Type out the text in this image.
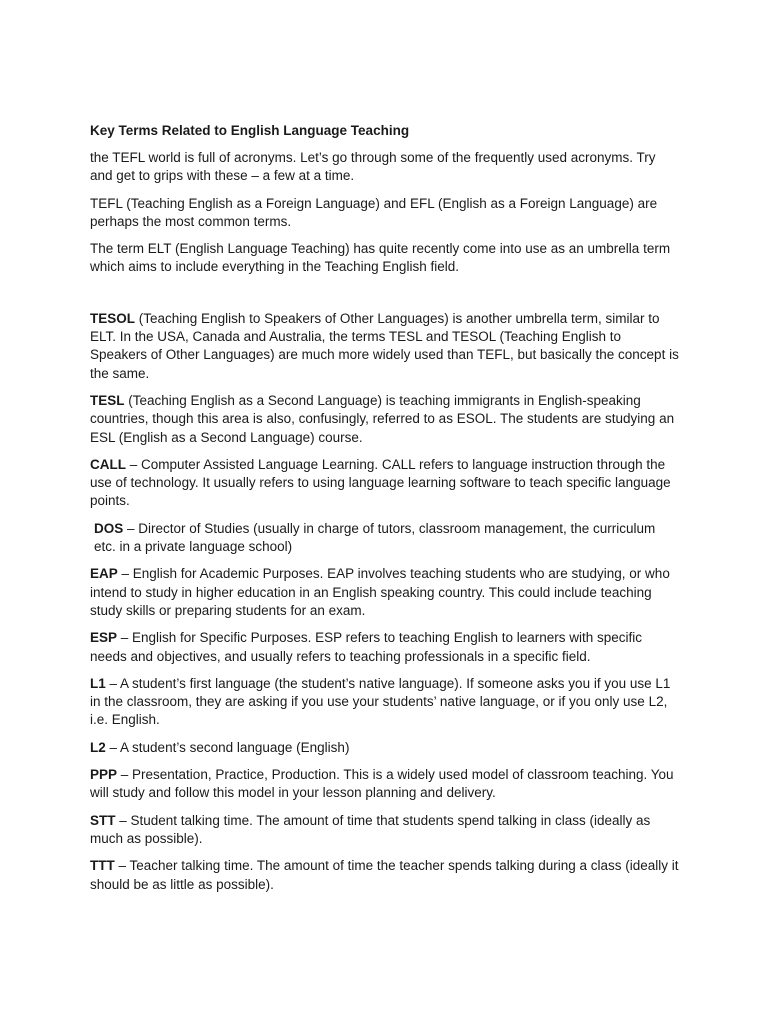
Key Terms Related to English Language Teaching

the TEFL world is full of acronyms. Let’s go through some of the frequently used acronyms. Try and get to grips with these – a few at a time.

TEFL (Teaching English as a Foreign Language) and EFL (English as a Foreign Language) are perhaps the most common terms.

The term ELT (English Language Teaching) has quite recently come into use as an umbrella term which aims to include everything in the Teaching English field.

TESOL (Teaching English to Speakers of Other Languages) is another umbrella term, similar to ELT. In the USA, Canada and Australia, the terms TESL and TESOL (Teaching English to Speakers of Other Languages) are much more widely used than TEFL, but basically the concept is the same.

TESL (Teaching English as a Second Language) is teaching immigrants in English-speaking countries, though this area is also, confusingly, referred to as ESOL. The students are studying an ESL (English as a Second Language) course.

CALL – Computer Assisted Language Learning. CALL refers to language instruction through the use of technology. It usually refers to using language learning software to teach specific language points.

DOS – Director of Studies (usually in charge of tutors, classroom management, the curriculum etc. in a private language school)

EAP – English for Academic Purposes. EAP involves teaching students who are studying, or who intend to study in higher education in an English speaking country. This could include teaching study skills or preparing students for an exam.

ESP – English for Specific Purposes. ESP refers to teaching English to learners with specific needs and objectives, and usually refers to teaching professionals in a specific field.

L1 – A student’s first language (the student’s native language). If someone asks you if you use L1 in the classroom, they are asking if you use your students’ native language, or if you only use L2, i.e. English.

L2 – A student’s second language (English)

PPP – Presentation, Practice, Production. This is a widely used model of classroom teaching. You will study and follow this model in your lesson planning and delivery.

STT – Student talking time. The amount of time that students spend talking in class (ideally as much as possible).

TTT – Teacher talking time. The amount of time the teacher spends talking during a class (ideally it should be as little as possible).
